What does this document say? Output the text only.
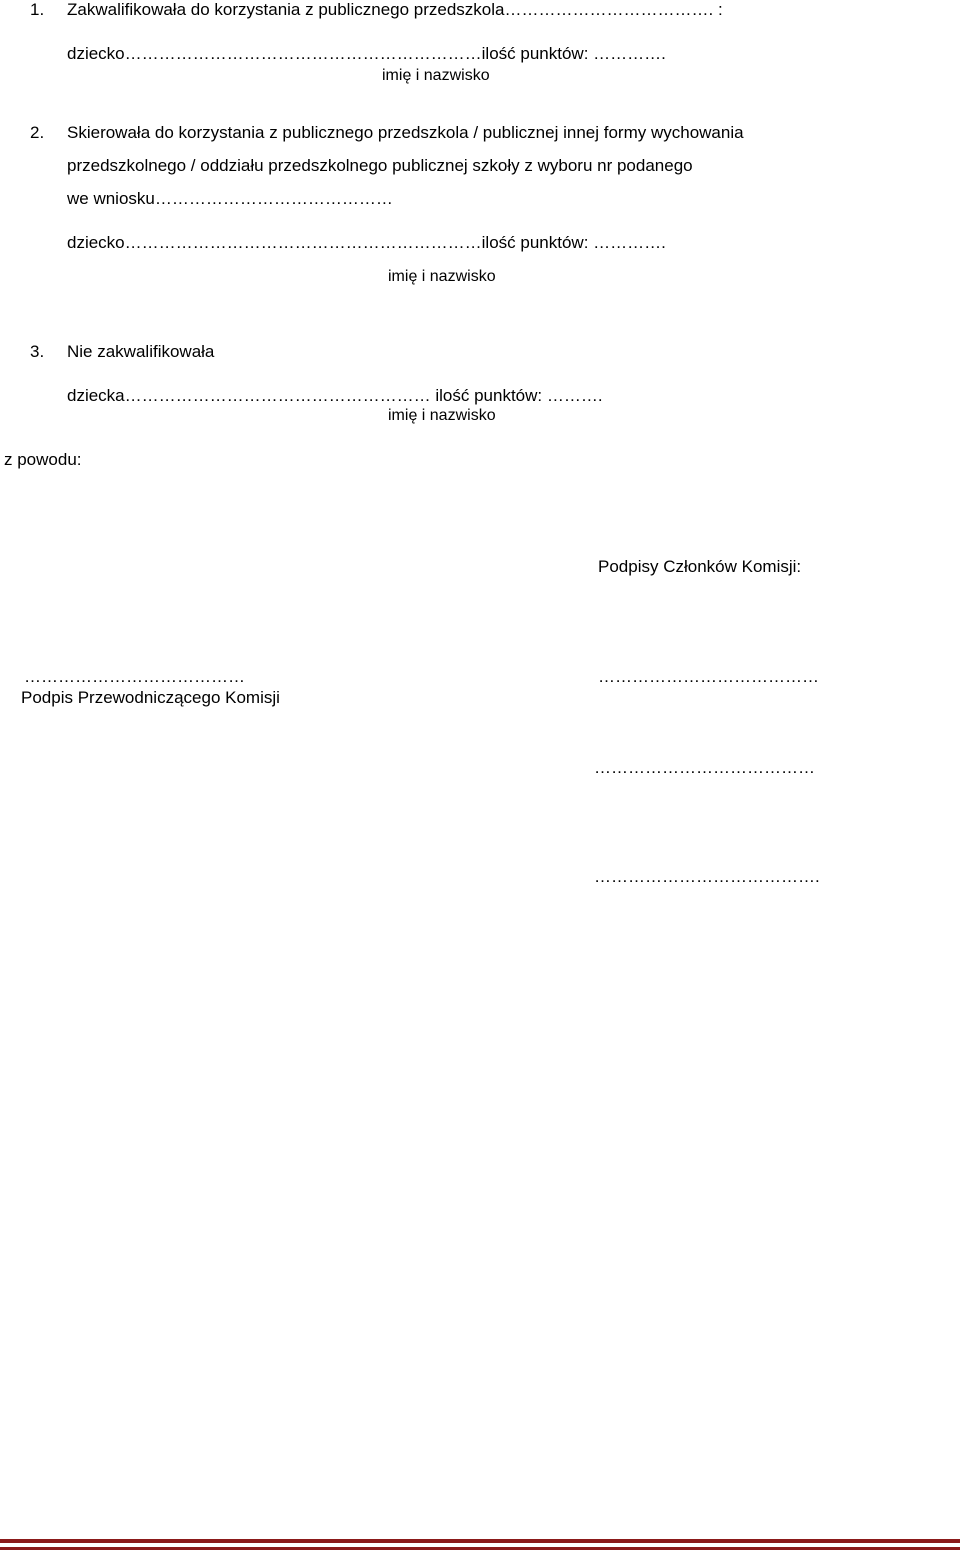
1. Zakwalifikowała do korzystania z publicznego przedszkola………………………………. :
dziecko………………………………………………………ilość punktów: ………….
imię i nazwisko
2. Skierowała do korzystania z publicznego przedszkola / publicznej innej formy wychowania
przedszkolnego / oddziału przedszkolnego publicznej szkoły z wyboru nr podanego
we wniosku……………………………………
dziecko………………………………………………………ilość punktów: ………….
imię i nazwisko
3. Nie zakwalifikowała
dziecka……………………………………………… ilość punktów: ……….
imię i nazwisko
z powodu:
Podpisy Członków Komisji:
…………………………………
Podpis Przewodniczącego Komisji
…………………………………
…………………………………
………………………………….
